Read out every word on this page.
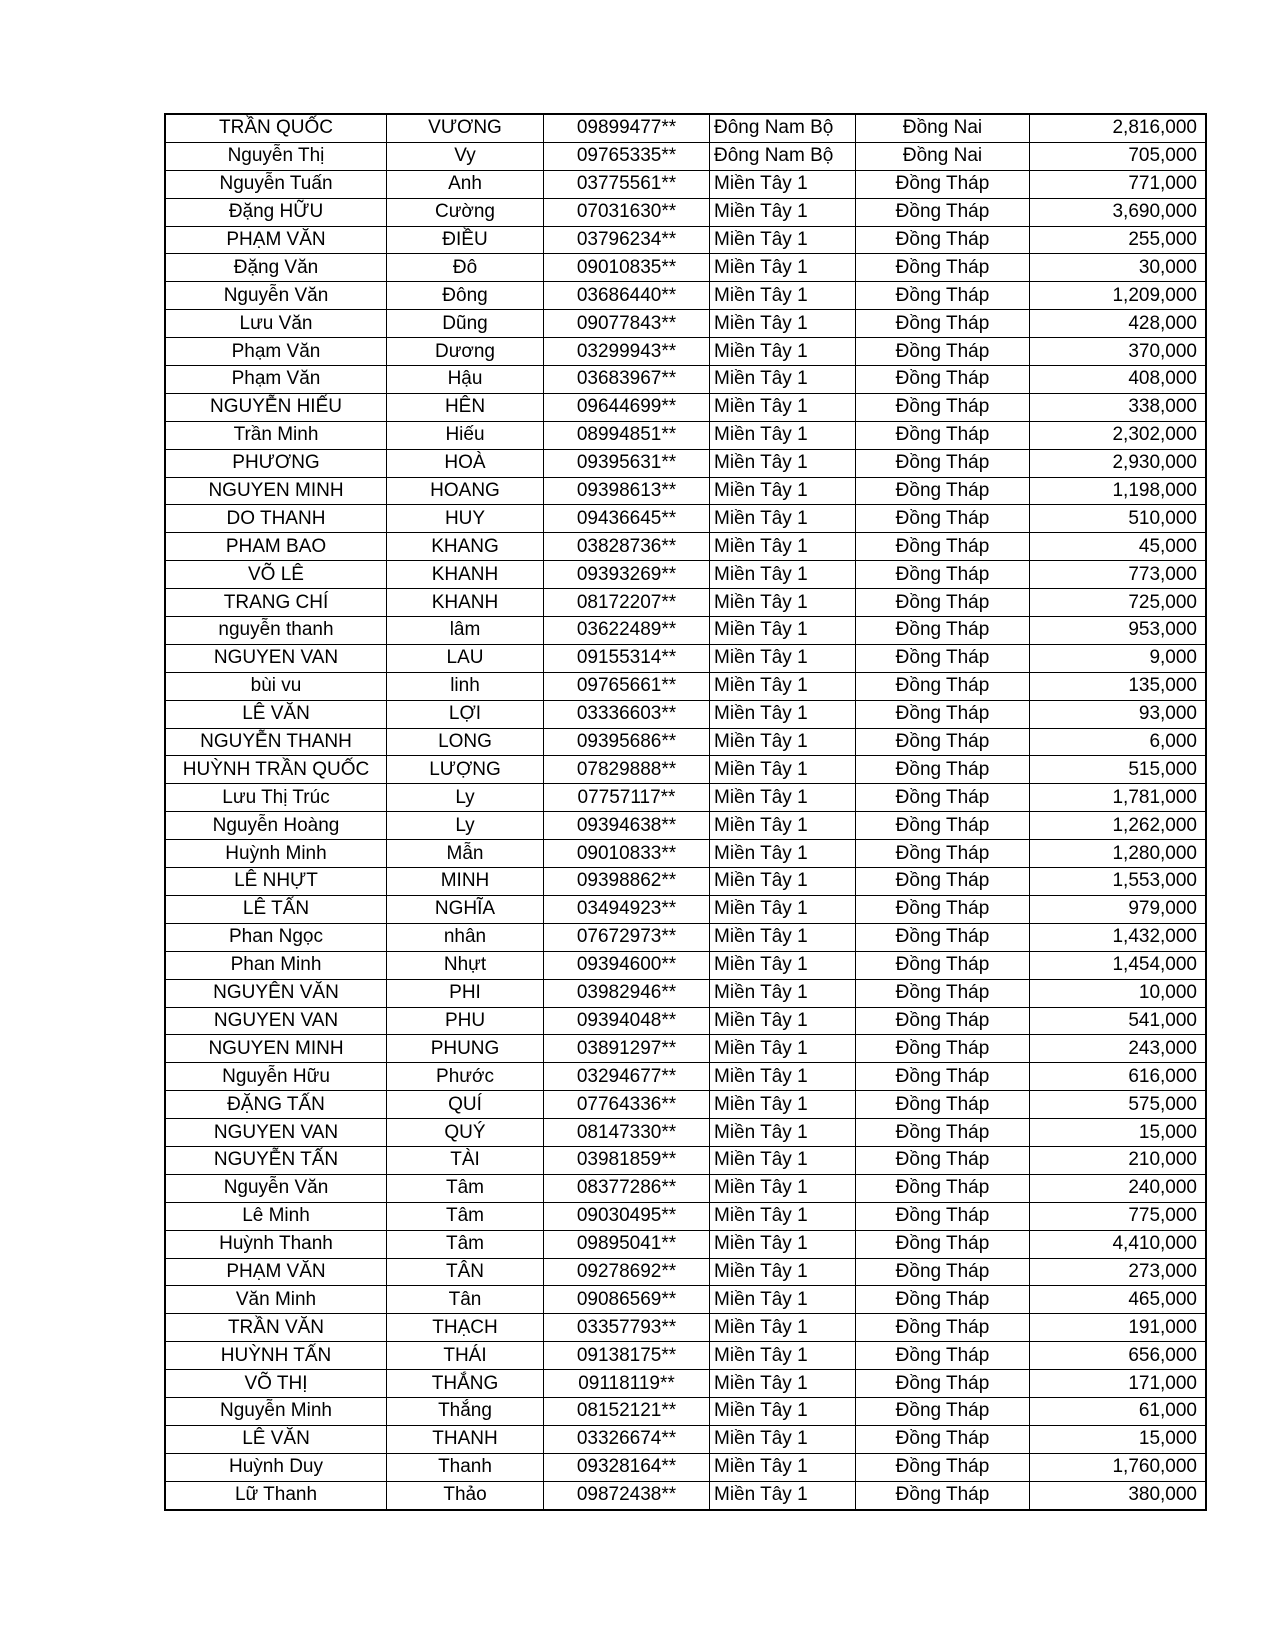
TRẦN QUỐC	VƯƠNG	09899477**	Đông Nam Bộ	Đồng Nai	2,816,000
Nguyễn Thị	Vy	09765335**	Đông Nam Bộ	Đồng Nai	705,000
Nguyễn Tuấn	Anh	03775561**	Miền Tây 1	Đồng Tháp	771,000
Đặng HỮU	Cường	07031630**	Miền Tây 1	Đồng Tháp	3,690,000
PHẠM VĂN	ĐIỀU	03796234**	Miền Tây 1	Đồng Tháp	255,000
Đặng Văn	Đô	09010835**	Miền Tây 1	Đồng Tháp	30,000
Nguyễn Văn	Đông	03686440**	Miền Tây 1	Đồng Tháp	1,209,000
Lưu Văn	Dũng	09077843**	Miền Tây 1	Đồng Tháp	428,000
Phạm Văn	Dương	03299943**	Miền Tây 1	Đồng Tháp	370,000
Phạm Văn	Hậu	03683967**	Miền Tây 1	Đồng Tháp	408,000
NGUYỄN HIẾU	HÊN	09644699**	Miền Tây 1	Đồng Tháp	338,000
Trần Minh	Hiếu	08994851**	Miền Tây 1	Đồng Tháp	2,302,000
PHƯƠNG	HOÀ	09395631**	Miền Tây 1	Đồng Tháp	2,930,000
NGUYEN MINH	HOANG	09398613**	Miền Tây 1	Đồng Tháp	1,198,000
DO THANH	HUY	09436645**	Miền Tây 1	Đồng Tháp	510,000
PHAM BAO	KHANG	03828736**	Miền Tây 1	Đồng Tháp	45,000
VÕ LÊ	KHANH	09393269**	Miền Tây 1	Đồng Tháp	773,000
TRANG CHÍ	KHANH	08172207**	Miền Tây 1	Đồng Tháp	725,000
nguyễn thanh	lâm	03622489**	Miền Tây 1	Đồng Tháp	953,000
NGUYEN VAN	LAU	09155314**	Miền Tây 1	Đồng Tháp	9,000
bùi vu	linh	09765661**	Miền Tây 1	Đồng Tháp	135,000
LÊ VĂN	LỢI	03336603**	Miền Tây 1	Đồng Tháp	93,000
NGUYỄN THANH	LONG	09395686**	Miền Tây 1	Đồng Tháp	6,000
HUỲNH TRẦN QUỐC	LƯỢNG	07829888**	Miền Tây 1	Đồng Tháp	515,000
Lưu Thị Trúc	Ly	07757117**	Miền Tây 1	Đồng Tháp	1,781,000
Nguyễn Hoàng	Ly	09394638**	Miền Tây 1	Đồng Tháp	1,262,000
Huỳnh Minh	Mẫn	09010833**	Miền Tây 1	Đồng Tháp	1,280,000
LÊ NHỰT	MINH	09398862**	Miền Tây 1	Đồng Tháp	1,553,000
LÊ TẤN	NGHĨA	03494923**	Miền Tây 1	Đồng Tháp	979,000
Phan Ngọc	nhân	07672973**	Miền Tây 1	Đồng Tháp	1,432,000
Phan Minh	Nhựt	09394600**	Miền Tây 1	Đồng Tháp	1,454,000
NGUYÊN VĂN	PHI	03982946**	Miền Tây 1	Đồng Tháp	10,000
NGUYEN VAN	PHU	09394048**	Miền Tây 1	Đồng Tháp	541,000
NGUYEN MINH	PHUNG	03891297**	Miền Tây 1	Đồng Tháp	243,000
Nguyễn Hữu	Phước	03294677**	Miền Tây 1	Đồng Tháp	616,000
ĐẶNG TẤN	QUÍ	07764336**	Miền Tây 1	Đồng Tháp	575,000
NGUYEN VAN	QUÝ	08147330**	Miền Tây 1	Đồng Tháp	15,000
NGUYỄN TẤN	TÀI	03981859**	Miền Tây 1	Đồng Tháp	210,000
Nguyễn Văn	Tâm	08377286**	Miền Tây 1	Đồng Tháp	240,000
Lê Minh	Tâm	09030495**	Miền Tây 1	Đồng Tháp	775,000
Huỳnh Thanh	Tâm	09895041**	Miền Tây 1	Đồng Tháp	4,410,000
PHẠM VĂN	TÂN	09278692**	Miền Tây 1	Đồng Tháp	273,000
Văn Minh	Tân	09086569**	Miền Tây 1	Đồng Tháp	465,000
TRẦN VĂN	THẠCH	03357793**	Miền Tây 1	Đồng Tháp	191,000
HUỲNH TẤN	THÁI	09138175**	Miền Tây 1	Đồng Tháp	656,000
VÕ THỊ	THẮNG	09118119**	Miền Tây 1	Đồng Tháp	171,000
Nguyễn Minh	Thắng	08152121**	Miền Tây 1	Đồng Tháp	61,000
LÊ VĂN	THANH	03326674**	Miền Tây 1	Đồng Tháp	15,000
Huỳnh Duy	Thanh	09328164**	Miền Tây 1	Đồng Tháp	1,760,000
Lữ Thanh	Thảo	09872438**	Miền Tây 1	Đồng Tháp	380,000
